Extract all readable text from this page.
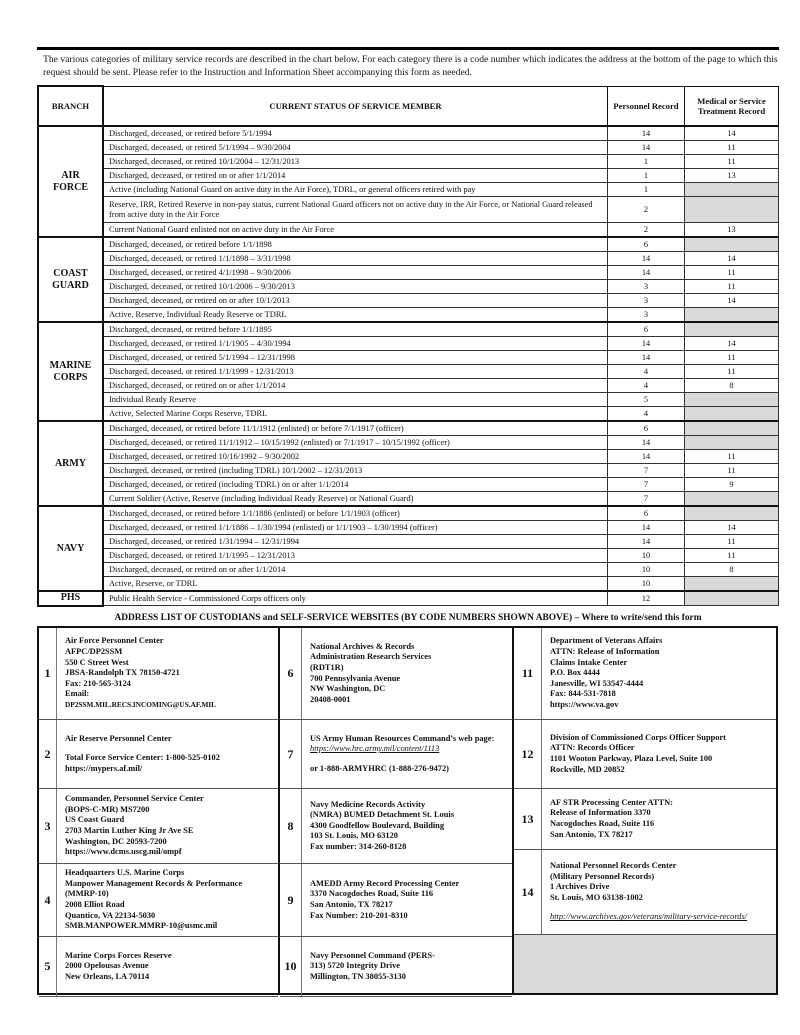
The various categories of military service records are described in the chart below. For each category there is a code number which indicates the address at the bottom of the page to which this request should be sent. Please refer to the Instruction and Information Sheet accompanying this form as needed.
BRANCH	CURRENT STATUS OF SERVICE MEMBER	Personnel Record	Medical or Service Treatment Record

AIR
FORCE	Discharged, deceased, or retired before 5/1/1994	14	14
	Discharged, deceased, or retired 5/1/1994 – 9/30/2004	14	11
	Discharged, deceased, or retired 10/1/2004 – 12/31/2013	1	11
	Discharged, deceased, or retired on or after 1/1/2014	1	13
	Active (including National Guard on active duty in the Air Force), TDRL, or general officers retired with pay	1	
	Reserve, IRR, Retired Reserve in non-pay status, current National Guard officers not on active duty in the Air Force, or National Guard released from active duty in the Air Force	2	
	Current National Guard enlisted not on active duty in the Air Force	2	13

COAST
GUARD	Discharged, deceased, or retired before 1/1/1898	6	
	Discharged, deceased, or retired 1/1/1898 – 3/31/1998	14	14
	Discharged, deceased, or retired 4/1/1998 – 9/30/2006	14	11
	Discharged, deceased, or retired 10/1/2006 – 9/30/2013	3	11
	Discharged, deceased, or retired on or after 10/1/2013	3	14
	Active, Reserve, Individual Ready Reserve or TDRL	3	

MARINE
CORPS	Discharged, deceased, or retired before 1/1/1895	6	
	Discharged, deceased, or retired 1/1/1905 – 4/30/1994	14	14
	Discharged, deceased, or retired 5/1/1994 – 12/31/1998	14	11
	Discharged, deceased, or retired 1/1/1999 - 12/31/2013	4	11
	Discharged, deceased, or retired on or after 1/1/2014	4	8
	Individual Ready Reserve	5	
	Active, Selected Marine Corps Reserve, TDRL	4	

ARMY	Discharged, deceased, or retired before 11/1/1912 (enlisted) or before 7/1/1917 (officer)	6	
	Discharged, deceased, or retired 11/1/1912 – 10/15/1992 (enlisted) or 7/1/1917 – 10/15/1992 (officer)	14	
	Discharged, deceased, or retired 10/16/1992 – 9/30/2002	14	11
	Discharged, deceased, or retired (including TDRL) 10/1/2002 – 12/31/2013	7	11
	Discharged, deceased, or retired (including TDRL) on or after 1/1/2014	7	9
	Current Soldier (Active, Reserve (including Individual Ready Reserve) or National Guard)	7	

NAVY	Discharged, deceased, or retired before 1/1/1886 (enlisted) or before 1/1/1903 (officer)	6	
	Discharged, deceased, or retired 1/1/1886 – 1/30/1994 (enlisted) or 1/1/1903 – 1/30/1994 (officer)	14	14
	Discharged, deceased, or retired 1/31/1994 – 12/31/1994	14	11
	Discharged, deceased, or retired 1/1/1995 – 12/31/2013	10	11
	Discharged, deceased, or retired on or after 1/1/2014	10	8
	Active, Reserve, or TDRL	10	

PHS	Public Health Service - Commissioned Corps officers only	12	
ADDRESS LIST OF CUSTODIANS and SELF-SERVICE WEBSITES (BY CODE NUMBERS SHOWN ABOVE) – Where to write/send this form
1
Air Force Personnel Center
AFPC/DP2SSM
550 C Street West
JBSA-Randolph TX 78150-4721
Fax: 210-565-3124
Email:
DP2SSM.MIL.RECS.INCOMING@US.AF.MIL
2
Air Reserve Personnel Center
Total Force Service Center: 1-800-525-0102
https://mypers.af.mil/
3
Commander, Personnel Service Center
(BOPS-C-MR) MS7200
US Coast Guard
2703 Martin Luther King Jr Ave SE
Washington, DC 20593-7200
https://www.dcms.uscg.mil/ompf
4
Headquarters U.S. Marine Corps
Manpower Management Records & Performance
(MMRP-10)
2008 Elliot Road
Quantico, VA 22134-5030
SMB.MANPOWER.MMRP-10@usmc.mil
5
Marine Corps Forces Reserve
2000 Opelousas Avenue
New Orleans, LA 70114
6
National Archives & Records
Administration Research Services
(RDT1R)
700 Pennsylvania Avenue
NW Washington, DC
20408-0001
7
US Army Human Resources Command’s web page:
https://www.hrc.army.mil/content/1113
or 1-888-ARMYHRC (1-888-276-9472)
8
Navy Medicine Records Activity
(NMRA) BUMED Detachment St. Louis
4300 Goodfellow Boulevard, Building
103 St. Louis, MO 63120
Fax number: 314-260-8128
9
AMEDD Army Record Processing Center
3370 Nacogdoches Road, Suite 116
San Antonio, TX 78217
Fax Number: 210-201-8310
10
Navy Personnel Command (PERS-
313) 5720 Integrity Drive
Millington, TN 38055-3130
11
Department of Veterans Affairs
ATTN: Release of Information
Claims Intake Center
P.O. Box 4444
Janesville, WI 53547-4444
Fax: 844-531-7818
https://www.va.gov
12
Division of Commissioned Corps Officer Support
ATTN: Records Officer
1101 Wooton Parkway, Plaza Level, Suite 100
Rockville, MD 20852
13
AF STR Processing Center ATTN:
Release of Information 3370
Nacogdoches Road, Suite 116
San Antonio, TX 78217
14
National Personnel Records Center
(Military Personnel Records)
1 Archives Drive
St. Louis, MO 63138-1002
http://www.archives.gov/veterans/military-service-records/
